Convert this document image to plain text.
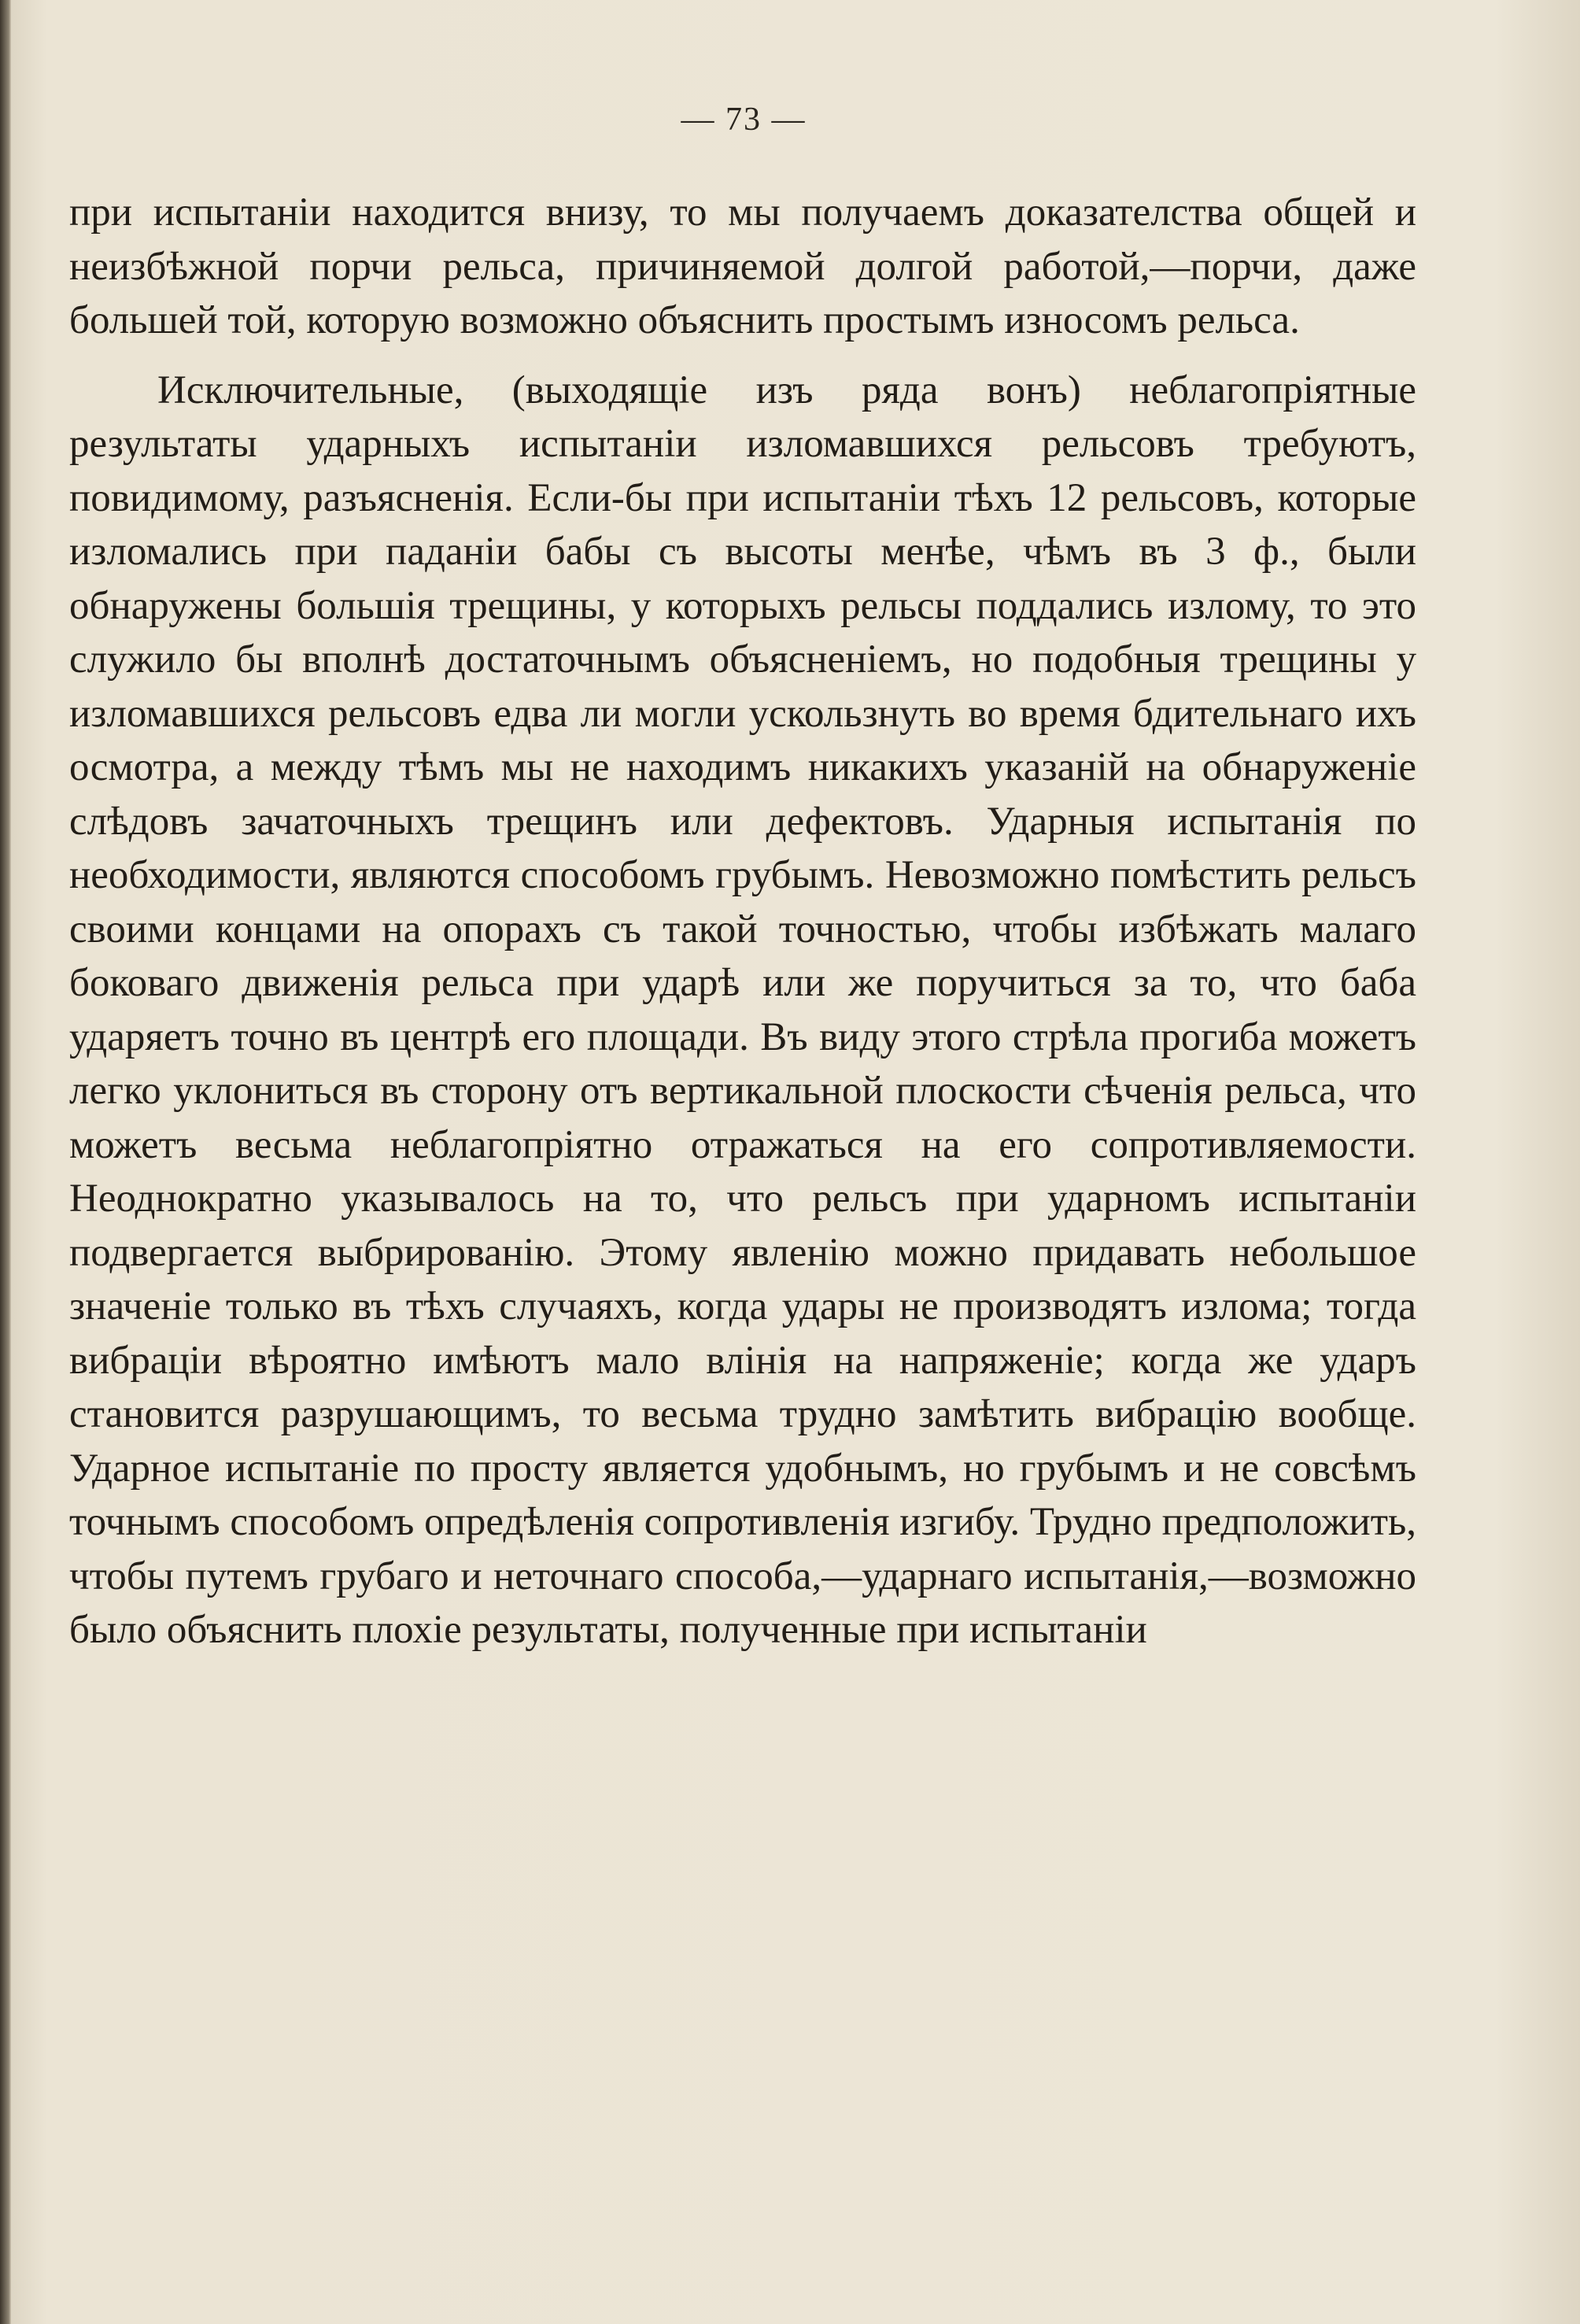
— 73 —

при испытаніи находится внизу, то мы получаемъ доказателства общей и неизбѣжной порчи рельса, причиняемой долгой работой,—порчи, даже большей той, которую возможно объяснить простымъ износомъ рельса.

Исключительные, (выходящіе изъ ряда вонъ) неблагопріятные результаты ударныхъ испытаніи изломавшихся рельсовъ требуютъ, повидимому, разъясненія. Если-бы при испытаніи тѣхъ 12 рельсовъ, которые изломались при паданіи бабы съ высоты менѣе, чѣмъ въ 3 ф., были обнаружены большія трещины, у которыхъ рельсы поддались излому, то это служило бы вполнѣ достаточнымъ объясненіемъ, но подобныя трещины у изломавшихся рельсовъ едва ли могли ускользнуть во время бдительнаго ихъ осмотра, а между тѣмъ мы не находимъ никакихъ указаній на обнаруженіе слѣдовъ зачаточныхъ трещинъ или дефектовъ. Ударныя испытанія по необходимости, являются способомъ грубымъ. Невозможно помѣстить рельсъ своими концами на опорахъ съ такой точностью, чтобы избѣжать малаго боковаго движенія рельса при ударѣ или же поручиться за то, что баба ударяетъ точно въ центрѣ его площади. Въ виду этого стрѣла прогиба можетъ легко уклониться въ сторону отъ вертикальной плоскости сѣченія рельса, что можетъ весьма неблагопріятно отражаться на его сопротивляемости. Неоднократно указывалось на то, что рельсъ при ударномъ испытаніи подвергается выбрированію. Этому явленію можно придавать небольшое значеніе только въ тѣхъ случаяхъ, когда удары не производятъ излома; тогда вибраціи вѣроятно имѣютъ мало влінія на напряженіе; когда же ударъ становится разрушающимъ, то весьма трудно замѣтить вибрацію вообще. Ударное испытаніе по просту является удобнымъ, но грубымъ и не совсѣмъ точнымъ способомъ опредѣленія сопротивленія изгибу. Трудно предположить, чтобы путемъ грубаго и неточнаго способа,—ударнаго испытанія,—возможно было объяснить плохіе результаты, полученные при испытаніи
